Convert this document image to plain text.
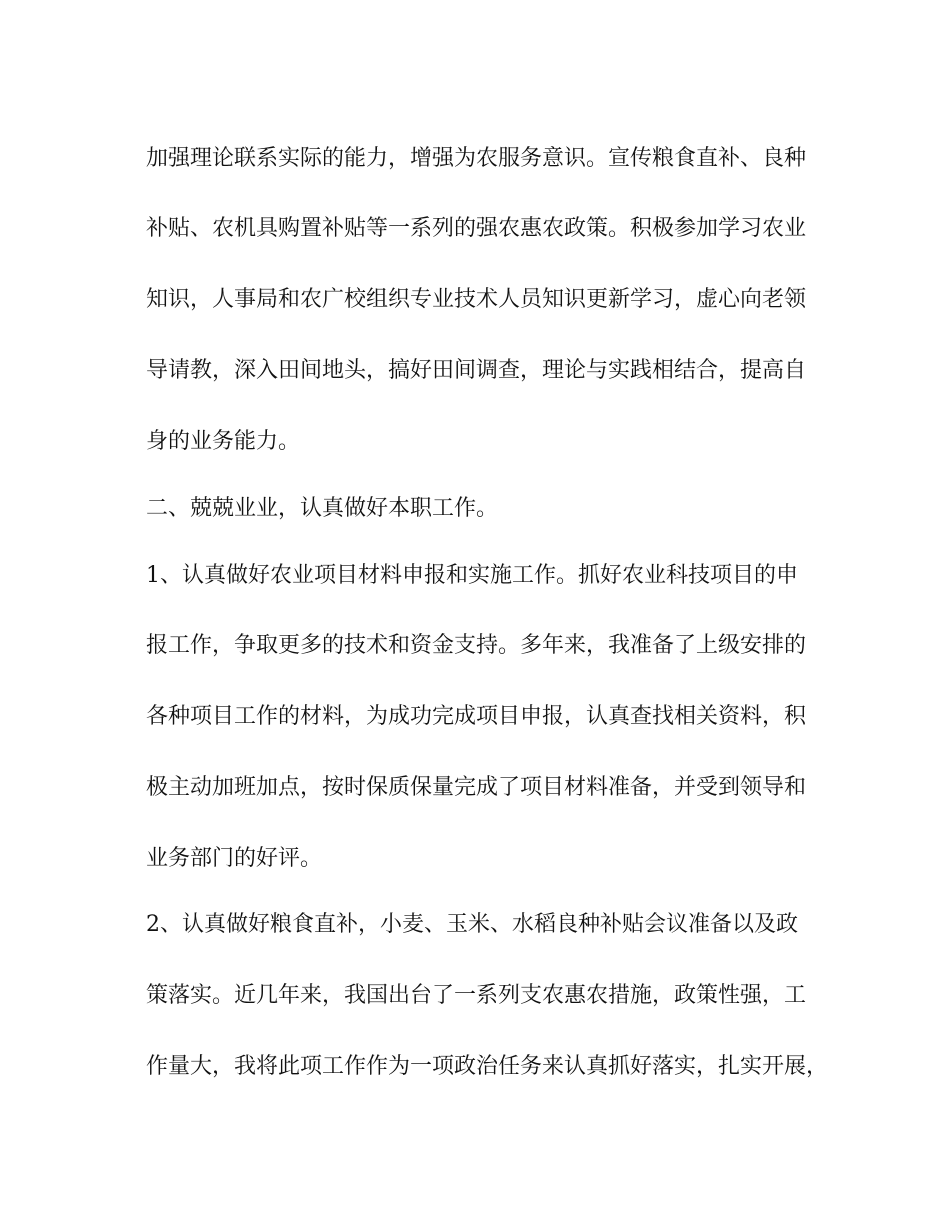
加强理论联系实际的能力，增强为农服务意识。宣传粮食直补、良种
补贴、农机具购置补贴等一系列的强农惠农政策。积极参加学习农业
知识，人事局和农广校组织专业技术人员知识更新学习，虚心向老领
导请教，深入田间地头，搞好田间调查，理论与实践相结合，提高自
身的业务能力。
二、兢兢业业，认真做好本职工作。
1、认真做好农业项目材料申报和实施工作。抓好农业科技项目的申
报工作，争取更多的技术和资金支持。多年来，我准备了上级安排的
各种项目工作的材料，为成功完成项目申报，认真查找相关资料，积
极主动加班加点，按时保质保量完成了项目材料准备，并受到领导和
业务部门的好评。
2、认真做好粮食直补，小麦、玉米、水稻良种补贴会议准备以及政
策落实。近几年来，我国出台了一系列支农惠农措施，政策性强，工
作量大，我将此项工作作为一项政治任务来认真抓好落实，扎实开展，
